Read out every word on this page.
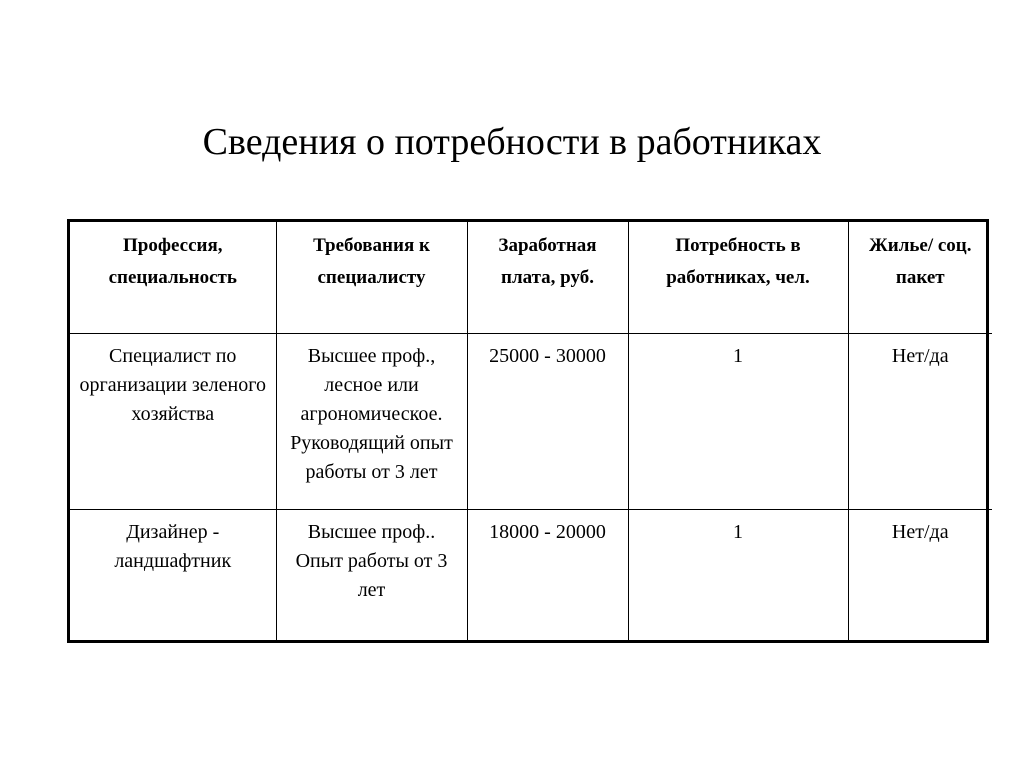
Сведения о потребности в работниках
Профессия, специальность	Требования к специалисту	Заработная плата, руб.	Потребность в работниках, чел.	Жилье/ соц. пакет

Специалист по организации зеленого хозяйства	Высшее проф., лесное или агрономическое. Руководящий опыт работы от 3 лет	25000 - 30000	1	Нет/да

Дизайнер - ландшафтник	Высшее проф.. Опыт работы от 3 лет	18000 - 20000	1	Нет/да
